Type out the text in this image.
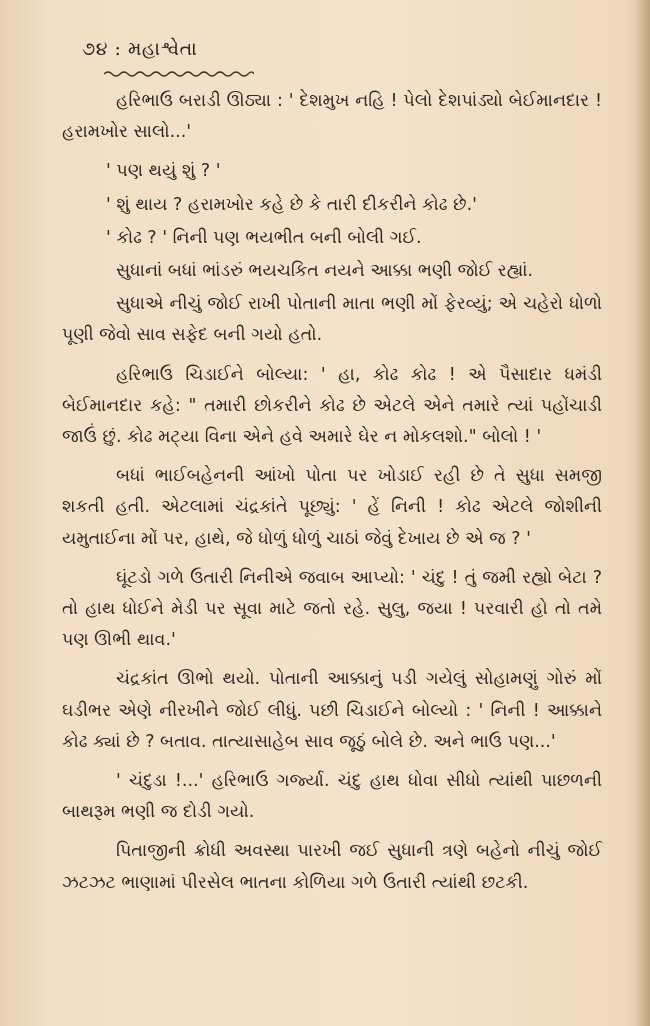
૭૪ : મહાશ્વેતા

હરિભાઉ બરાડી ઊઠ્યા : ' દેશમુખ નહિ ! પેલો દેશપાંડ્યો બેઈમાનદાર ! હરામખોર સાલો...'

' પણ થયું શું ? '

' શું થાય ? હરામખોર કહે છે કે તારી દીકરીને કોઢ છે.'

' કોઢ ? ' નિની પણ ભયભીત બની બોલી ગઈ.

સુધાનાં બધાં ભાંડરું ભયચકિત નયને આક્કા ભણી જોઈ રહ્યાં.

સુધાએ નીચું જોઈ રાખી પોતાની માતા ભણી મોં ફેરવ્યું; એ ચહેરો ધોળો પૂણી જેવો સાવ સફેદ બની ગયો હતો.

હરિભાઉ ચિડાઈને બોલ્યા: ' હા, કોઢ કોઢ ! એ પૈસાદાર ધમંડી બેઈમાનદાર કહે: " તમારી છોકરીને કોઢ છે એટલે એને તમારે ત્યાં પહોંચાડી જાઉં છું. કોઢ મટ્યા વિના એને હવે અમારે ઘેર ન મોકલશો." બોલો ! '

બધાં ભાઈબહેનની આંખો પોતા પર ખોડાઈ રહી છે તે સુધા સમજી શકતી હતી. એટલામાં ચંદ્રકાંતે પૂછ્યું: ' હેં નિની ! કોઢ એટલે જોશીની યમુતાઈના મોં પર, હાથે, જે ધોળું ધોળું ચાઠાં જેવું દેખાય છે એ જ ? '

ઘૂંટડો ગળે ઉતારી નિનીએ જવાબ આપ્યો: ' ચંદુ ! તું જમી રહ્યો બેટા ? તો હાથ ધોઈને મેડી પર સૂવા માટે જતો રહે. સુલુ, જયા ! પરવારી હો તો તમે પણ ઊભી થાવ.'

ચંદ્રકાંત ઊભો થયો. પોતાની આક્કાનું પડી ગયેલું સોહામણું ગોરું મોં ઘડીભર એણે નીરખીને જોઈ લીધું. પછી ચિડાઈને બોલ્યો : ' નિની ! આક્કાને કોઢ ક્યાં છે ? બતાવ. તાત્યાસાહેબ સાવ જૂઠું બોલે છે. અને ભાઉ પણ...'

' ચંદુડા !...' હરિભાઉ ગર્જ્યા. ચંદુ હાથ ધોવા સીધો ત્યાંથી પાછળની બાથરૂમ ભણી જ દોડી ગયો.

પિતાજીની ક્રોધી અવસ્થા પારખી જઈ સુધાની ત્રણે બહેનો નીચું જોઈ ઝટઝટ ભાણામાં પીરસેલ ભાતના કોળિયા ગળે ઉતારી ત્યાંથી છટકી.
